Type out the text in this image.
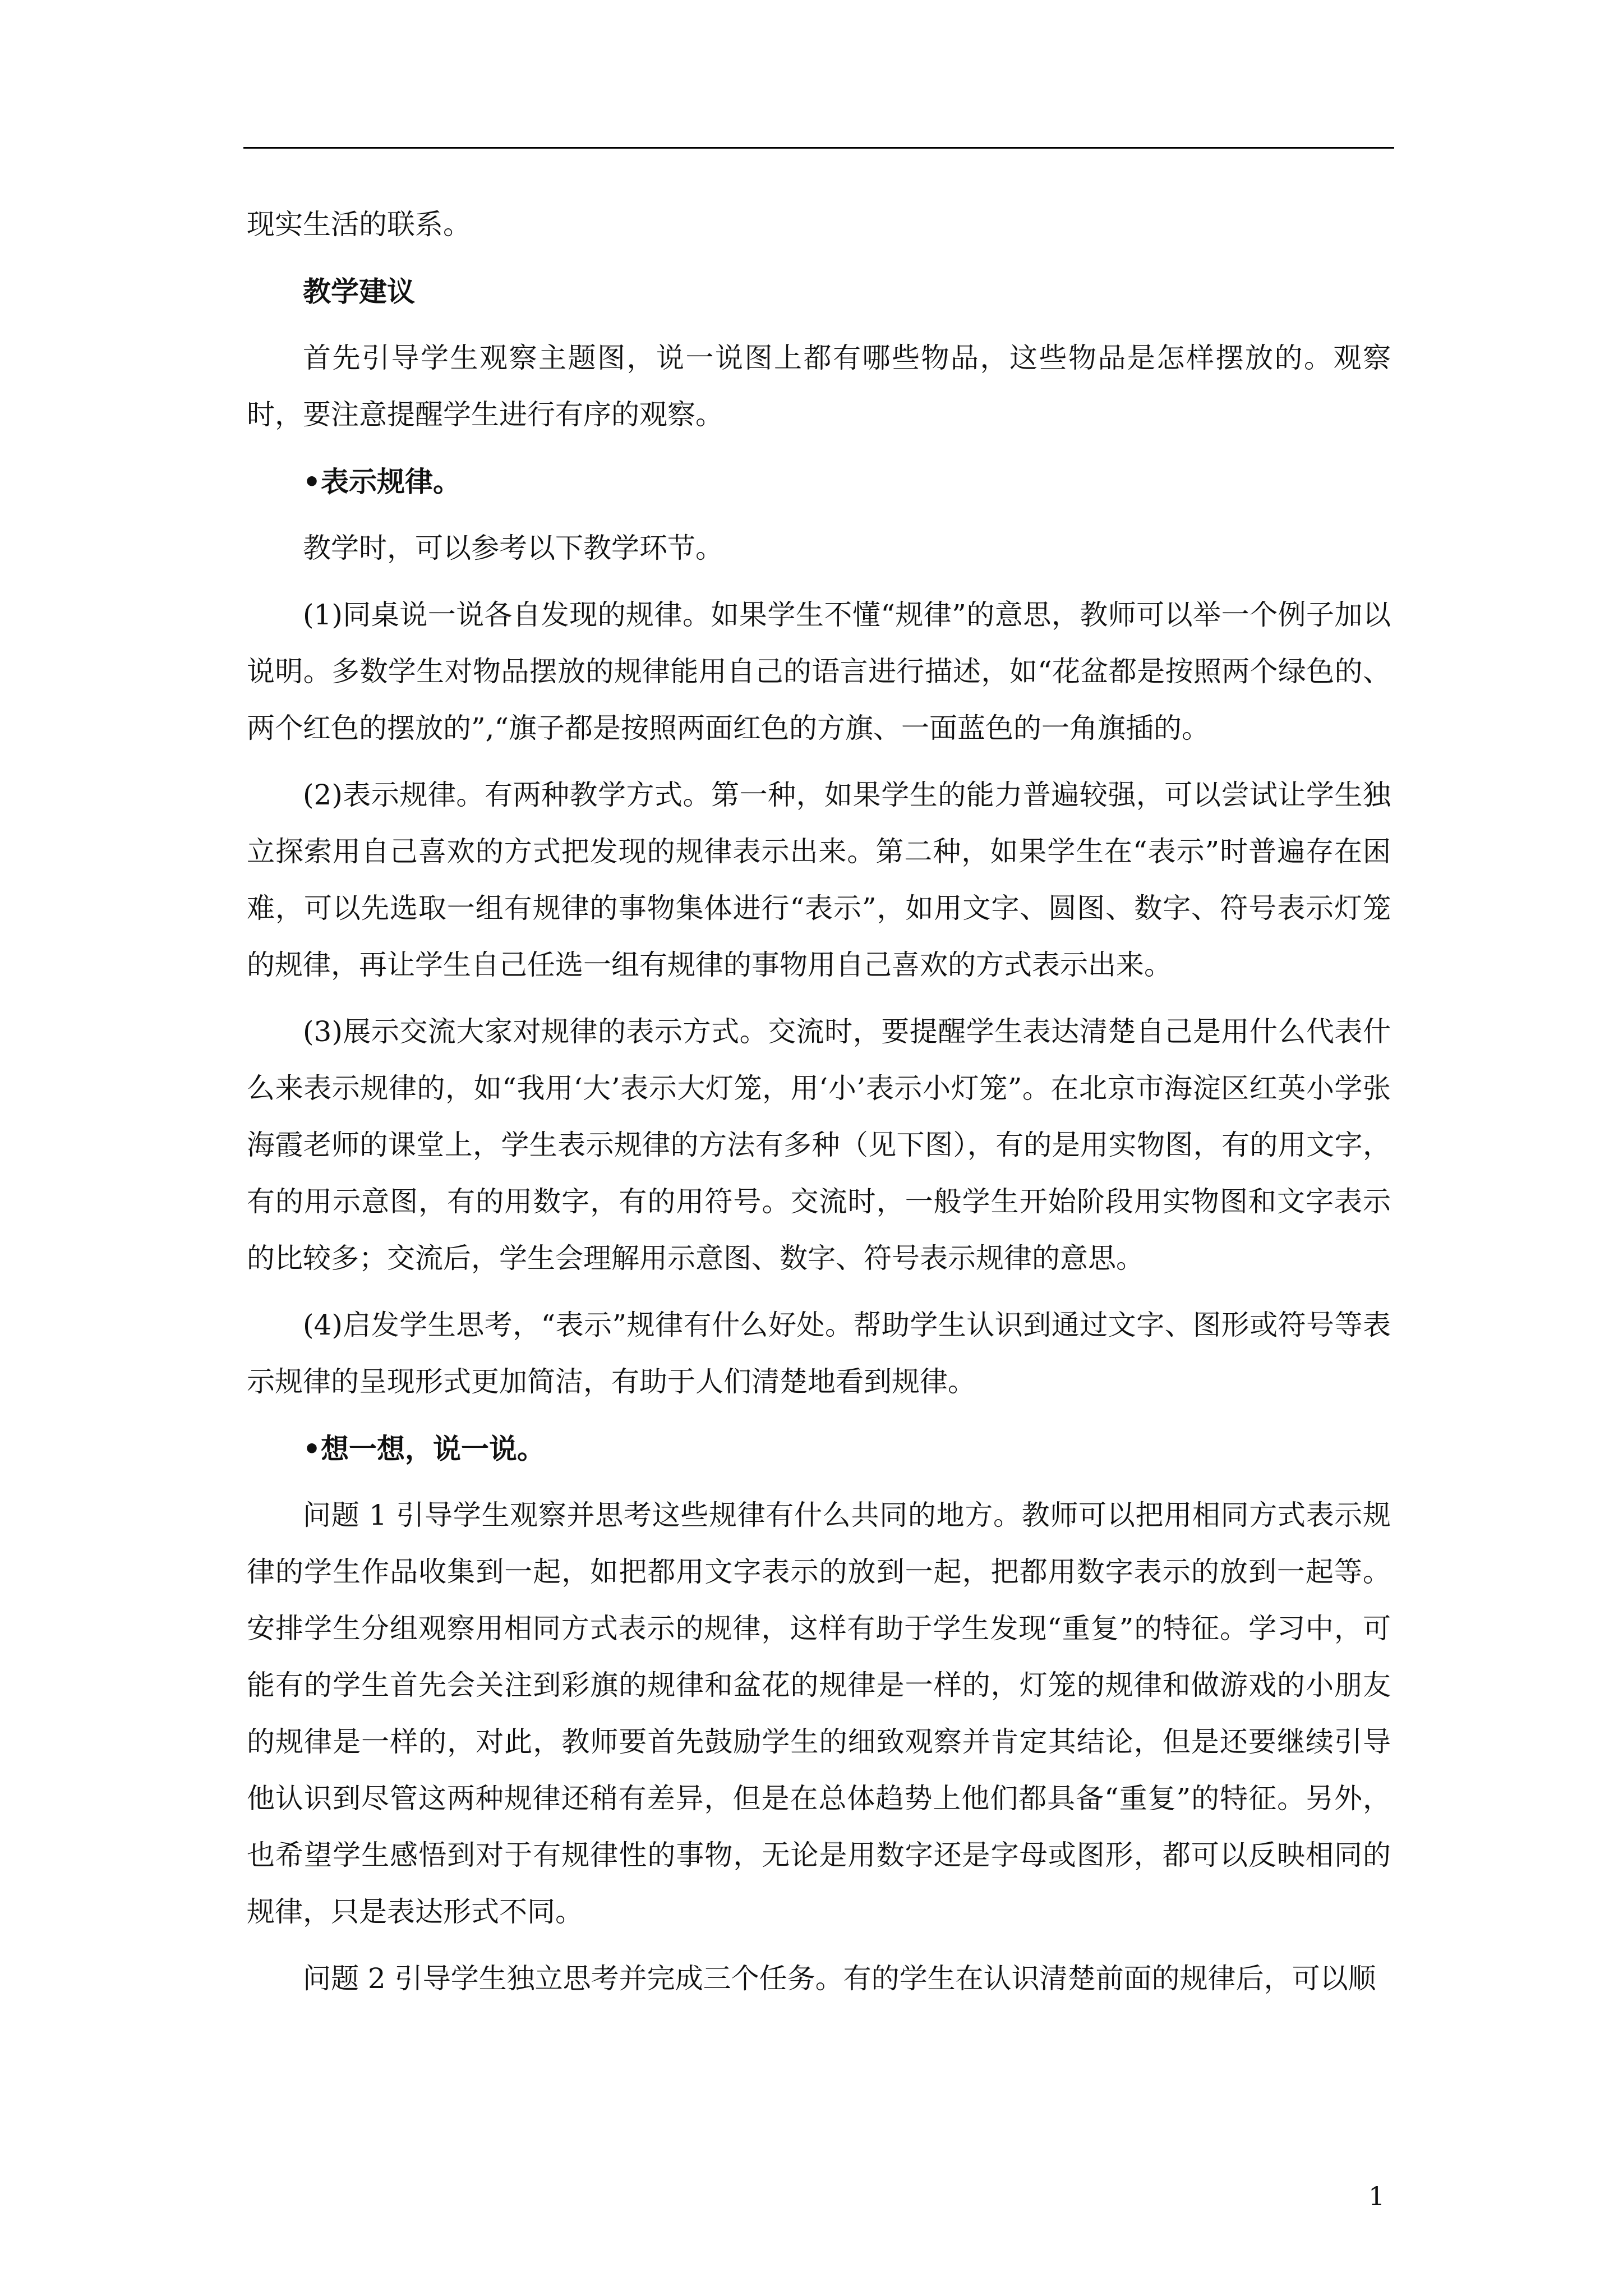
现实生活的联系。

教学建议

首先引导学生观察主题图，说一说图上都有哪些物品，这些物品是怎样摆放的。观察时，要注意提醒学生进行有序的观察。

•表示规律。

教学时，可以参考以下教学环节。

(1)同桌说一说各自发现的规律。如果学生不懂“规律”的意思，教师可以举一个例子加以说明。多数学生对物品摆放的规律能用自己的语言进行描述，如“花盆都是按照两个绿色的、两个红色的摆放的”,“旗子都是按照两面红色的方旗、一面蓝色的一角旗插的。

(2)表示规律。有两种教学方式。第一种，如果学生的能力普遍较强，可以尝试让学生独立探索用自己喜欢的方式把发现的规律表示出来。第二种，如果学生在“表示”时普遍存在困难，可以先选取一组有规律的事物集体进行“表示”，如用文字、圆图、数字、符号表示灯笼的规律，再让学生自己任选一组有规律的事物用自己喜欢的方式表示出来。

(3)展示交流大家对规律的表示方式。交流时，要提醒学生表达清楚自己是用什么代表什么来表示规律的，如“我用‘大’表示大灯笼，用‘小’表示小灯笼”。在北京市海淀区红英小学张海霞老师的课堂上，学生表示规律的方法有多种（见下图），有的是用实物图，有的用文字，有的用示意图，有的用数字，有的用符号。交流时，一般学生开始阶段用实物图和文字表示的比较多；交流后，学生会理解用示意图、数字、符号表示规律的意思。

(4)启发学生思考，“表示”规律有什么好处。帮助学生认识到通过文字、图形或符号等表示规律的呈现形式更加简洁，有助于人们清楚地看到规律。

•想一想，说一说。

问题 1 引导学生观察并思考这些规律有什么共同的地方。教师可以把用相同方式表示规律的学生作品收集到一起，如把都用文字表示的放到一起，把都用数字表示的放到一起等。安排学生分组观察用相同方式表示的规律，这样有助于学生发现“重复”的特征。学习中，可能有的学生首先会关注到彩旗的规律和盆花的规律是一样的，灯笼的规律和做游戏的小朋友的规律是一样的，对此，教师要首先鼓励学生的细致观察并肯定其结论，但是还要继续引导他认识到尽管这两种规律还稍有差异，但是在总体趋势上他们都具备“重复”的特征。另外，也希望学生感悟到对于有规律性的事物，无论是用数字还是字母或图形，都可以反映相同的规律，只是表达形式不同。

问题 2 引导学生独立思考并完成三个任务。有的学生在认识清楚前面的规律后，可以顺

1
